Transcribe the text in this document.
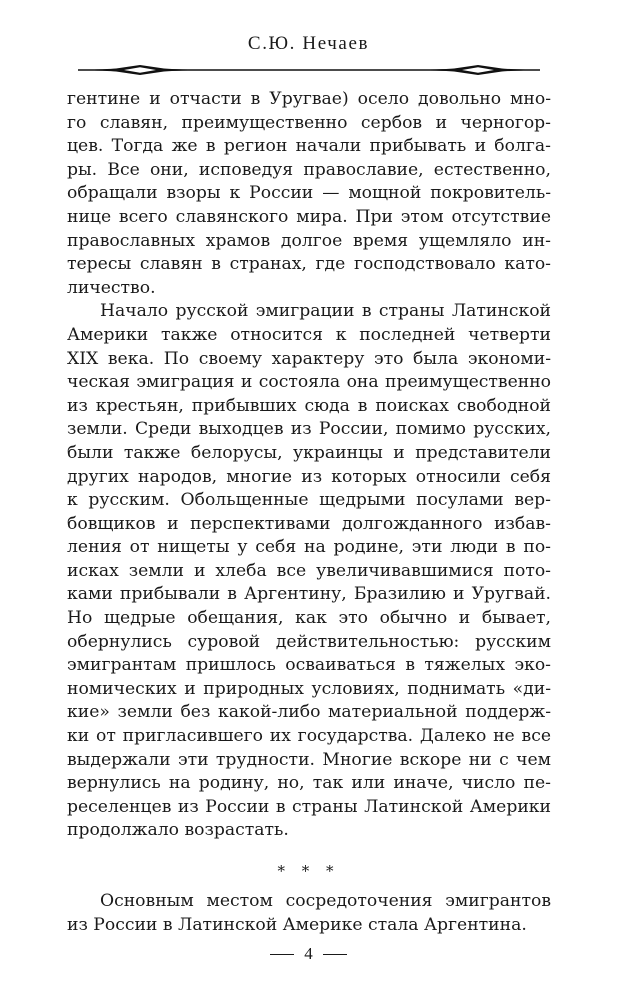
С.Ю. Нечаев
гентине и отчасти в Уругвае) осело довольно мно-
го славян, преимущественно сербов и черногор-
цев. Тогда же в регион начали прибывать и болга-
ры. Все они, исповедуя православие, естественно,
обращали взоры к России — мощной покровитель-
нице всего славянского мира. При этом отсутствие
православных храмов долгое время ущемляло ин-
тересы славян в странах, где господствовало като-
личество.
Начало русской эмиграции в страны Латинской
Америки также относится к последней четверти
XIX века. По своему характеру это была экономи-
ческая эмиграция и состояла она преимущественно
из крестьян, прибывших сюда в поисках свободной
земли. Среди выходцев из России, помимо русских,
были также белорусы, украинцы и представители
других народов, многие из которых относили себя
к русским. Обольщенные щедрыми посулами вер-
бовщиков и перспективами долгожданного избав-
ления от нищеты у себя на родине, эти люди в по-
исках земли и хлеба все увеличивавшимися пото-
ками прибывали в Аргентину, Бразилию и Уругвай.
Но щедрые обещания, как это обычно и бывает,
обернулись суровой действительностью: русским
эмигрантам пришлось осваиваться в тяжелых эко-
номических и природных условиях, поднимать «ди-
кие» земли без какой-либо материальной поддерж-
ки от пригласившего их государства. Далеко не все
выдержали эти трудности. Многие вскоре ни с чем
вернулись на родину, но, так или иначе, число пе-
реселенцев из России в страны Латинской Америки
продолжало возрастать.
* * *
Основным местом сосредоточения эмигрантов
из России в Латинской Америке стала Аргентина.
4
